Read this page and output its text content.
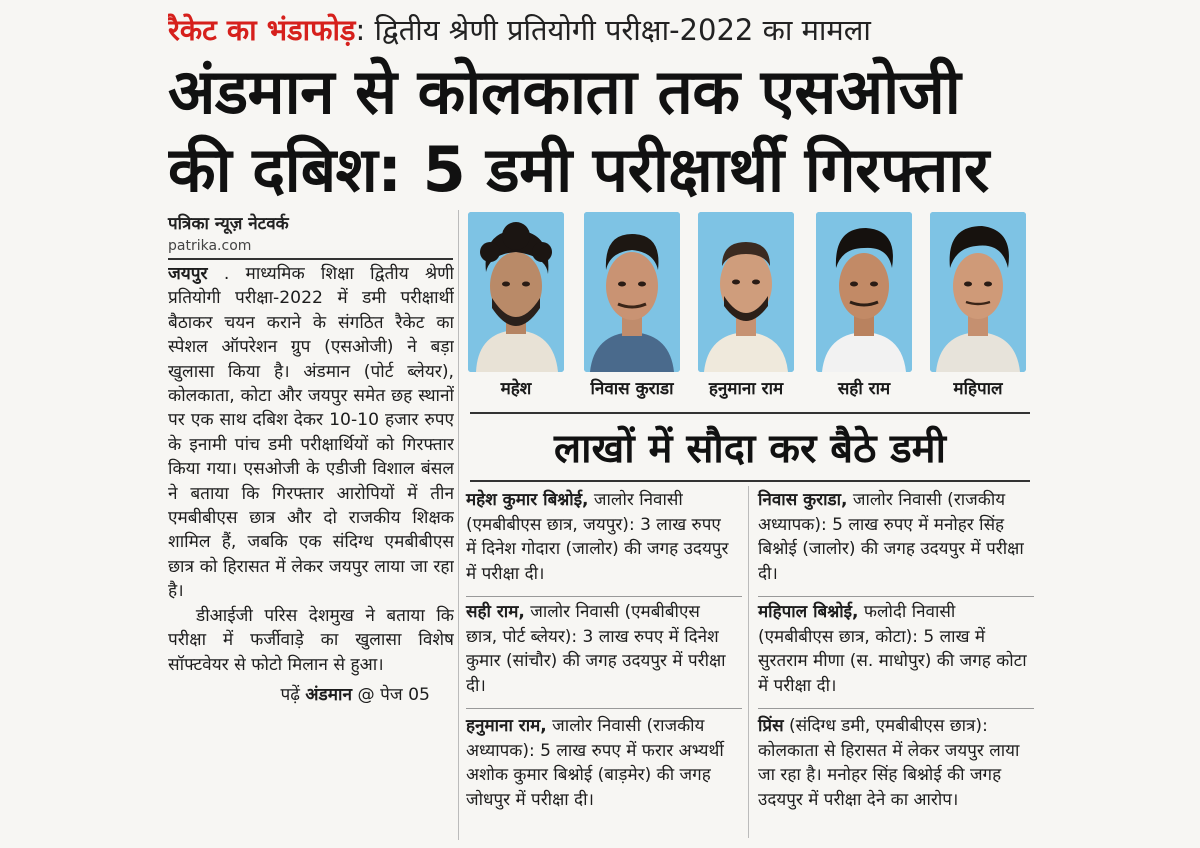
रैकेट का भंडाफोड़: द्वितीय श्रेणी प्रतियोगी परीक्षा-2022 का मामला
अंडमान से कोलकाता तक एसओजी
की दबिश: 5 डमी परीक्षार्थी गिरफ्तार
पत्रिका न्यूज़ नेटवर्क
patrika.com

जयपुर . माध्यमिक शिक्षा द्वितीय श्रेणी प्रतियोगी परीक्षा-2022 में डमी परीक्षार्थी बैठाकर चयन कराने के संगठित रैकेट का स्पेशल ऑपरेशन ग्रुप (एसओजी) ने बड़ा खुलासा किया है। अंडमान (पोर्ट ब्लेयर), कोलकाता, कोटा और जयपुर समेत छह स्थानों पर एक साथ दबिश देकर 10-10 हजार रुपए के इनामी पांच डमी परीक्षार्थियों को गिरफ्तार किया गया। एसओजी के एडीजी विशाल बंसल ने बताया कि गिरफ्तार आरोपियों में तीन एमबीबीएस छात्र और दो राजकीय शिक्षक शामिल हैं, जबकि एक संदिग्ध एमबीबीएस छात्र को हिरासत में लेकर जयपुर लाया जा रहा है।

डीआईजी परिस देशमुख ने बताया कि परीक्षा में फर्जीवाड़े का खुलासा विशेष सॉफ्टवेयर से फोटो मिलान से हुआ।

पढ़ें अंडमान @ पेज 05

महेश	निवास कुराडा	हनुमाना राम	सही राम	महिपाल
लाखों में सौदा कर बैठे डमी
महेश कुमार बिश्नोई, जालोर निवासी (एमबीबीएस छात्र, जयपुर): 3 लाख रुपए में दिनेश गोदारा (जालोर) की जगह उदयपुर में परीक्षा दी।
निवास कुराडा, जालोर निवासी (राजकीय अध्यापक): 5 लाख रुपए में मनोहर सिंह बिश्नोई (जालोर) की जगह उदयपुर में परीक्षा दी।
सही राम, जालोर निवासी (एमबीबीएस छात्र, पोर्ट ब्लेयर): 3 लाख रुपए में दिनेश कुमार (सांचौर) की जगह उदयपुर में परीक्षा दी।
महिपाल बिश्नोई, फलोदी निवासी (एमबीबीएस छात्र, कोटा): 5 लाख में सुरतराम मीणा (स. माधोपुर) की जगह कोटा में परीक्षा दी।
हनुमाना राम, जालोर निवासी (राजकीय अध्यापक): 5 लाख रुपए में फरार अभ्यर्थी अशोक कुमार बिश्नोई (बाड़मेर) की जगह जोधपुर में परीक्षा दी।
प्रिंस (संदिग्ध डमी, एमबीबीएस छात्र): कोलकाता से हिरासत में लेकर जयपुर लाया जा रहा है। मनोहर सिंह बिश्नोई की जगह उदयपुर में परीक्षा देने का आरोप।
